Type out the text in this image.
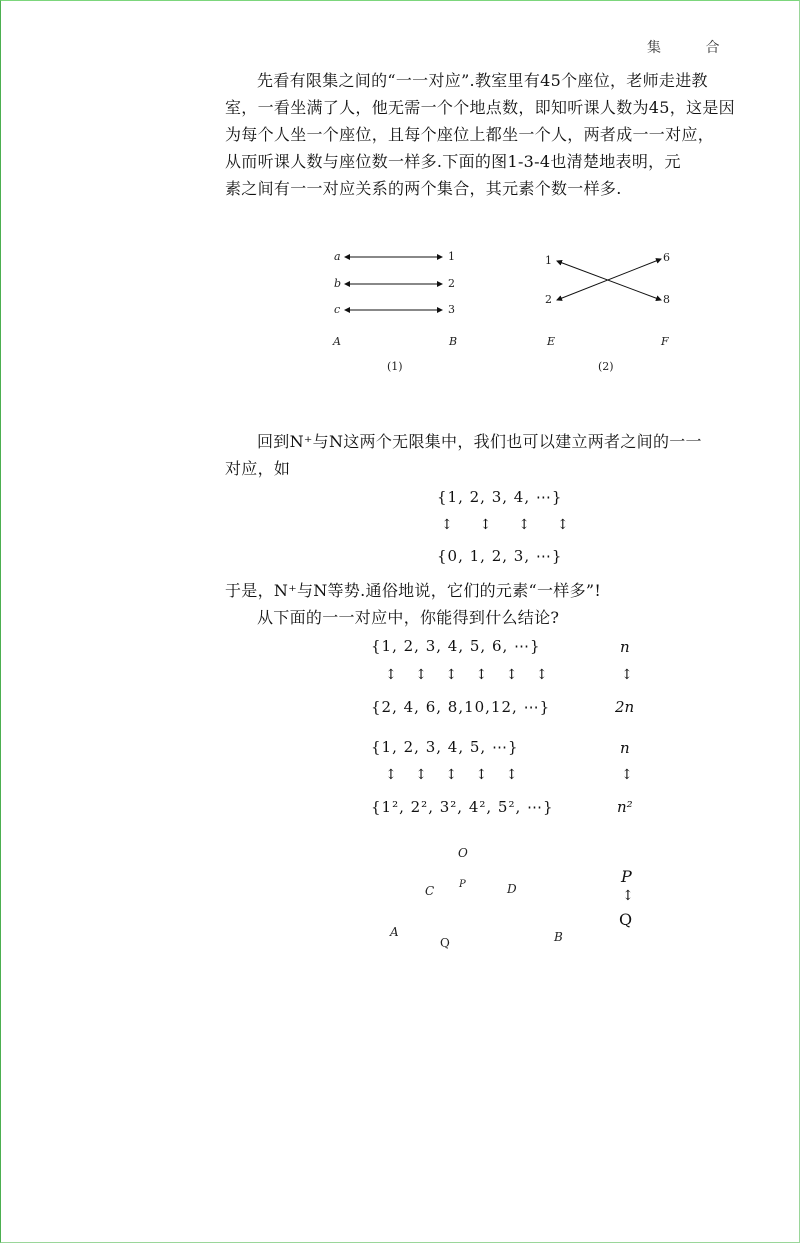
集 合

先看有限集之间的“一一对应”.教室里有45个座位，老师走进教

室，一看坐满了人，他无需一个个地点数，即知听课人数为45，这是因

为每个人坐一个座位，且每个座位上都坐一个人，两者成一一对应，

从而听课人数与座位数一样多.下面的图1-3-4也清楚地表明，元

素之间有一一对应关系的两个集合，其元素个数一样多.

a
b
c
1
2
3
A	B
(1)
1
2
6
8
E	F
(2)

回到N⁺与N这两个无限集中，我们也可以建立两者之间的一一

对应，如

{1, 2, 3, 4, ⋯}
↕  ↕  ↕  ↕
{0, 1, 2, 3, ⋯}

于是，N⁺与N等势.通俗地说，它们的元素“一样多”!

从下面的一一对应中，你能得到什么结论?

{1, 2, 3, 4, 5, 6, ⋯}
↕ ↕ ↕ ↕ ↕ ↕
{2, 4, 6, 8,10,12, ⋯}
n
↕
2n
{1, 2, 3, 4, 5, ⋯}
↕ ↕ ↕ ↕ ↕
{1², 2², 3², 4², 5², ⋯}
n
↕
n²
O
C P	D
A
Q	B
P
↕
Q
